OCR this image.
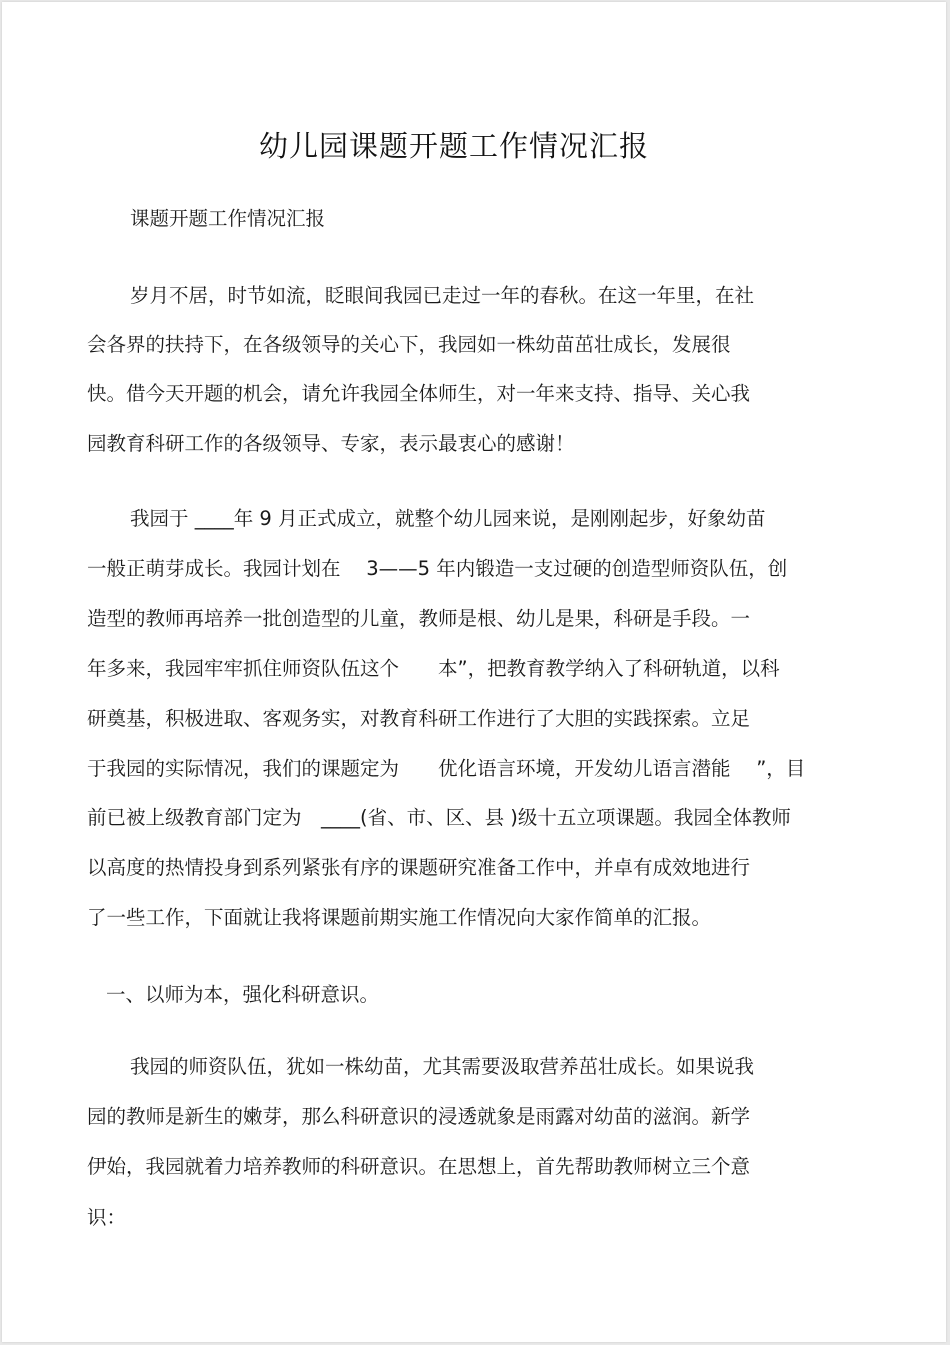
幼儿园课题开题工作情况汇报
课题开题工作情况汇报
岁月不居，时节如流，眨眼间我园已走过一年的春秋。在这一年里，在社
会各界的扶持下，在各级领导的关心下，我园如一株幼苗茁壮成长，发展很
快。借今天开题的机会，请允许我园全体师生，对一年来支持、指导、关心我
园教育科研工作的各级领导、专家，表示最衷心的感谢！
我园于 ____年 9 月正式成立，就整个幼儿园来说，是刚刚起步，好象幼苗
一般正萌芽成长。我园计划在　 3——5 年内锻造一支过硬的创造型师资队伍，创
造型的教师再培养一批创造型的儿童，教师是根、幼儿是果，科研是手段。一
年多来，我园牢牢抓住师资队伍这个　　本”，把教育教学纳入了科研轨道，以科
研奠基，积极进取、客观务实，对教育科研工作进行了大胆的实践探索。立足
于我园的实际情况，我们的课题定为　　优化语言环境，开发幼儿语言潜能　 ”，目
前已被上级教育部门定为　____(省、市、区、县 )级十五立项课题。我园全体教师
以高度的热情投身到系列紧张有序的课题研究准备工作中，并卓有成效地进行
了一些工作，下面就让我将课题前期实施工作情况向大家作简单的汇报。
一、以师为本，强化科研意识。
我园的师资队伍，犹如一株幼苗，尤其需要汲取营养茁壮成长。如果说我
园的教师是新生的嫩芽，那么科研意识的浸透就象是雨露对幼苗的滋润。新学
伊始，我园就着力培养教师的科研意识。在思想上，首先帮助教师树立三个意
识：
